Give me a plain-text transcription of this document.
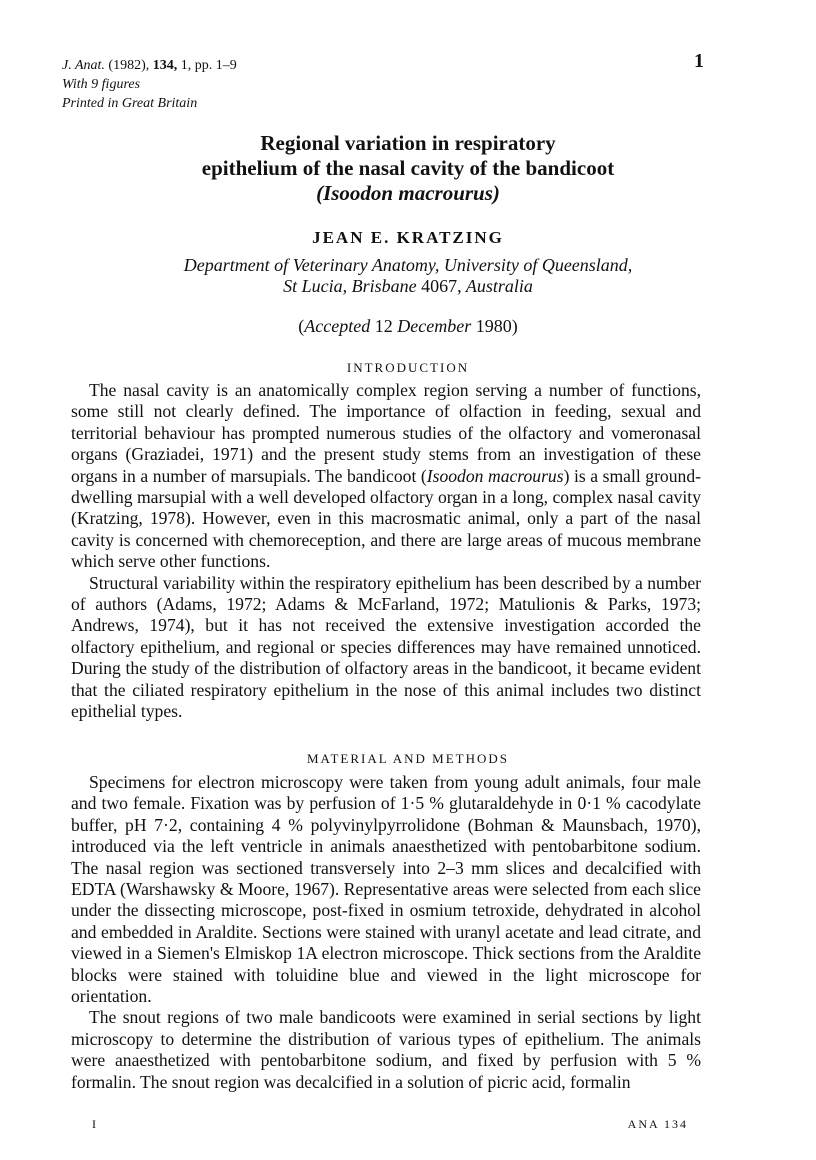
J. Anat. (1982), 134, 1, pp. 1–9
With 9 figures
Printed in Great Britain
1
Regional variation in respiratory
epithelium of the nasal cavity of the bandicoot
(Isoodon macrourus)
JEAN E. KRATZING
Department of Veterinary Anatomy, University of Queensland,
St Lucia, Brisbane 4067, Australia
(Accepted 12 December 1980)
INTRODUCTION

The nasal cavity is an anatomically complex region serving a number of functions, some still not clearly defined. The importance of olfaction in feeding, sexual and territorial behaviour has prompted numerous studies of the olfactory and vomeronasal organs (Graziadei, 1971) and the present study stems from an investigation of these organs in a number of marsupials. The bandicoot (Isoodon macrourus) is a small ground-dwelling marsupial with a well developed olfactory organ in a long, complex nasal cavity (Kratzing, 1978). However, even in this macrosmatic animal, only a part of the nasal cavity is concerned with chemoreception, and there are large areas of mucous membrane which serve other functions.

Structural variability within the respiratory epithelium has been described by a number of authors (Adams, 1972; Adams & McFarland, 1972; Matulionis & Parks, 1973; Andrews, 1974), but it has not received the extensive investigation accorded the olfactory epithelium, and regional or species differences may have remained unnoticed. During the study of the distribution of olfactory areas in the bandicoot, it became evident that the ciliated respiratory epithelium in the nose of this animal includes two distinct epithelial types.

MATERIAL AND METHODS

Specimens for electron microscopy were taken from young adult animals, four male and two female. Fixation was by perfusion of 1·5 % glutaraldehyde in 0·1 % cacodylate buffer, pH 7·2, containing 4 % polyvinylpyrrolidone (Bohman & Maunsbach, 1970), introduced via the left ventricle in animals anaesthetized with pentobarbitone sodium. The nasal region was sectioned transversely into 2–3 mm slices and decalcified with EDTA (Warshawsky & Moore, 1967). Representative areas were selected from each slice under the dissecting microscope, post-fixed in osmium tetroxide, dehydrated in alcohol and embedded in Araldite. Sections were stained with uranyl acetate and lead citrate, and viewed in a Siemen's Elmiskop 1A electron microscope. Thick sections from the Araldite blocks were stained with toluidine blue and viewed in the light microscope for orientation.

The snout regions of two male bandicoots were examined in serial sections by light microscopy to determine the distribution of various types of epithelium. The animals were anaesthetized with pentobarbitone sodium, and fixed by perfusion with 5 % formalin. The snout region was decalcified in a solution of picric acid, formalin

I	ANA 134
